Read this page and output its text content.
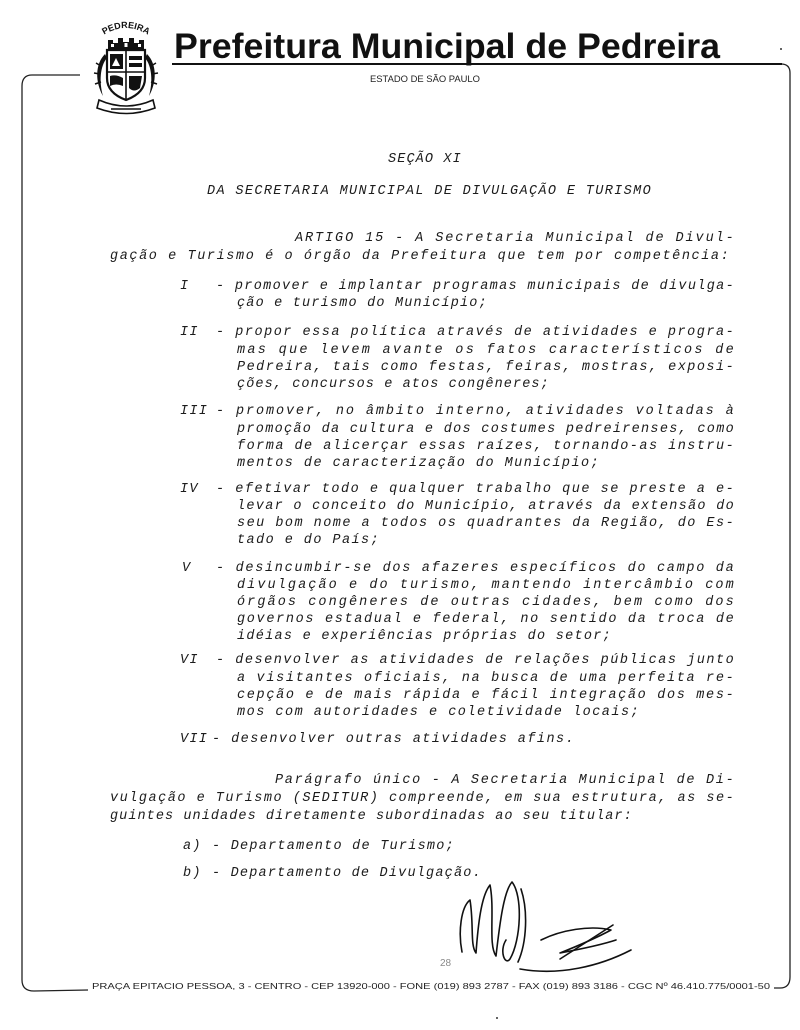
PEDREIRA Prefeitura Municipal de Pedreira
ESTADO DE SÃO PAULO
SEÇÃO XI
DA SECRETARIA MUNICIPAL DE DIVULGAÇÃO E TURISMO
ARTIGO 15 - A Secretaria Municipal de Divul-
gação e Turismo é o órgão da Prefeitura que tem por competência:
I - promover e implantar programas municipais de divulga-
ção e turismo do Município;
II - propor essa política através de atividades e progra-
mas que levem avante os fatos característicos de
Pedreira, tais como festas, feiras, mostras, exposi-
ções, concursos e atos congêneres;
III - promover, no âmbito interno, atividades voltadas à
promoção da cultura e dos costumes pedreirenses, como
forma de alicerçar essas raízes, tornando-as instru-
mentos de caracterização do Município;
IV - efetivar todo e qualquer trabalho que se preste a e-
levar o conceito do Município, através da extensão do
seu bom nome a todos os quadrantes da Região, do Es-
tado e do País;
V - desincumbir-se dos afazeres específicos do campo da
divulgação e do turismo, mantendo intercâmbio com
órgãos congêneres de outras cidades, bem como dos
governos estadual e federal, no sentido da troca de
idéias e experiências próprias do setor;
VI - desenvolver as atividades de relações públicas junto
a visitantes oficiais, na busca de uma perfeita re-
cepção e de mais rápida e fácil integração dos mes-
mos com autoridades e coletividade locais;
VII - desenvolver outras atividades afins.
Parágrafo único - A Secretaria Municipal de Di-
vulgação e Turismo (SEDITUR) compreende, em sua estrutura, as se-
guintes unidades diretamente subordinadas ao seu titular:
a) - Departamento de Turismo;
b) - Departamento de Divulgação.
28
PRAÇA EPITACIO PESSOA, 3 - CENTRO - CEP 13920-000 - FONE (019) 893 2787 - FAX (019) 893 3186 - CGC Nº 46.410.775/0001-50
